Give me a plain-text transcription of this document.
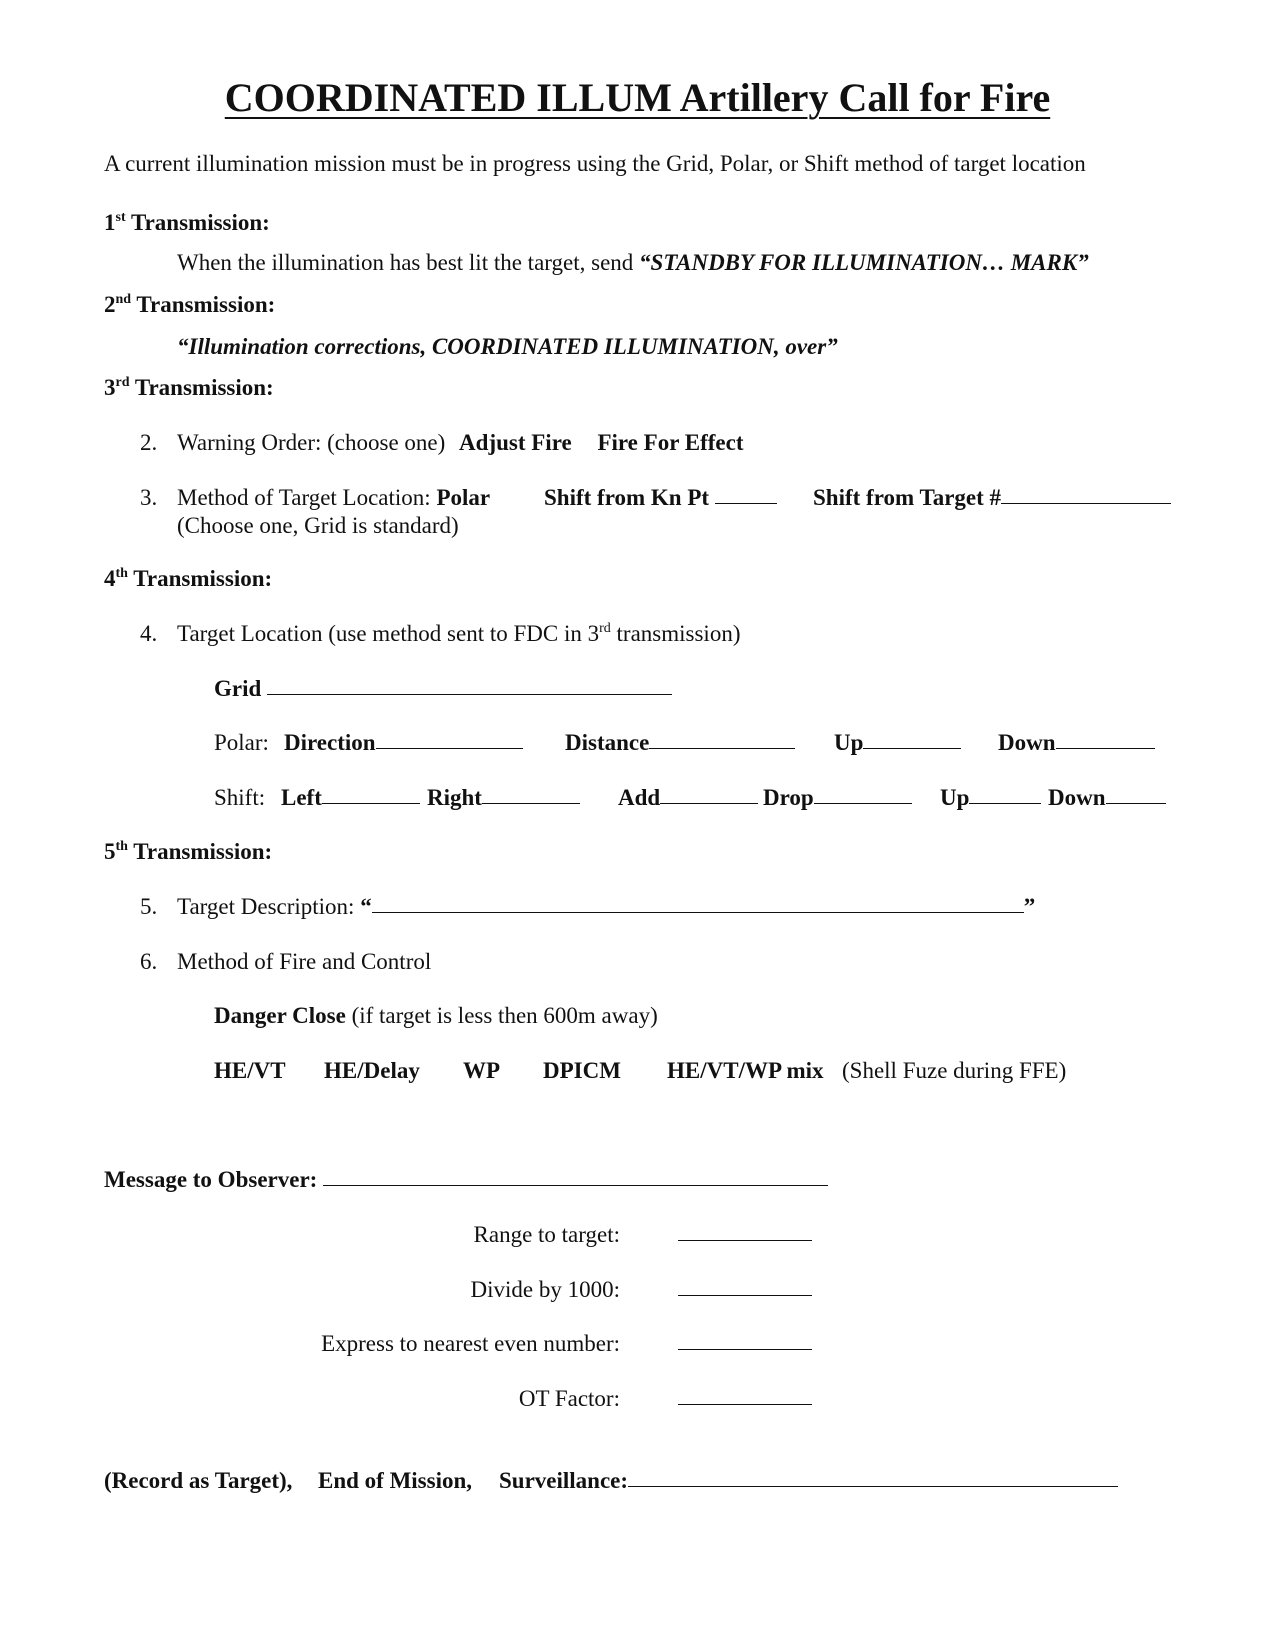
COORDINATED ILLUM Artillery Call for Fire
A current illumination mission must be in progress using the Grid, Polar, or Shift method of target location
1st Transmission:
When the illumination has best lit the target, send “STANDBY FOR ILLUMINATION… MARK”
2nd Transmission:
“Illumination corrections, COORDINATED ILLUMINATION, over”
3rd Transmission:
2. Warning Order: (choose one) Adjust Fire Fire For Effect
3. Method of Target Location: Polar Shift from Kn Pt	Shift from Target #
(Choose one, Grid is standard)
4th Transmission:
4. Target Location (use method sent to FDC in 3rd transmission)
Grid
Polar: Direction	Distance	Up	Down
Shift: Left	Right	Add	Drop	Up	Down
5th Transmission:
5. Target Description: “	”
6. Method of Fire and Control
Danger Close (if target is less then 600m away)
HE/VT HE/Delay WP DPICM HE/VT/WP mix (Shell Fuze during FFE)
Message to Observer:
Range to target:
Divide by 1000:
Express to nearest even number:
OT Factor:
(Record as Target), End of Mission, Surveillance:
